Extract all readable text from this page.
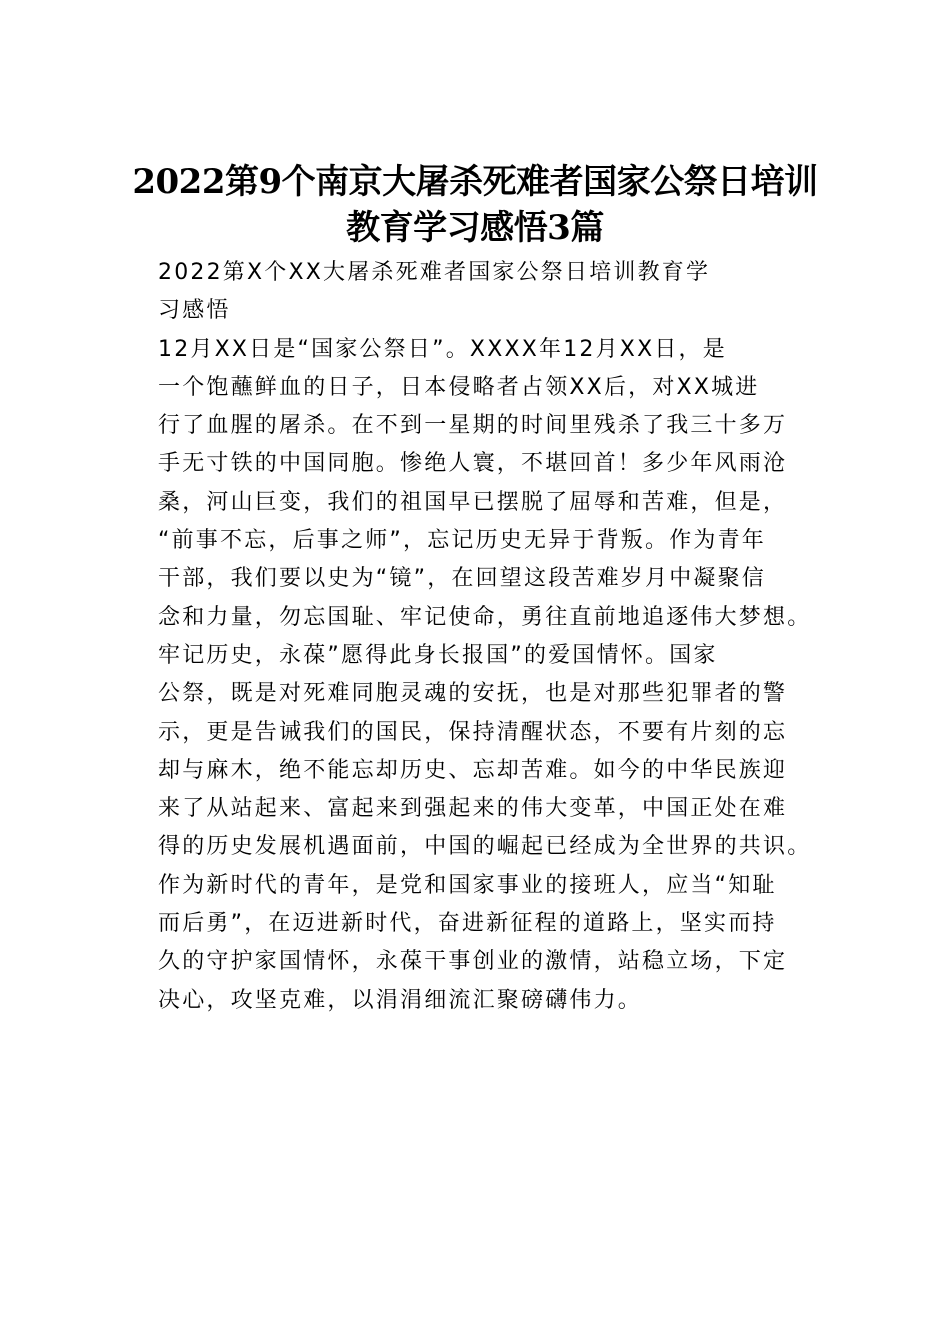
2022第9个南京大屠杀死难者国家公祭日培训
教育学习感悟3篇
2022第X个XX大屠杀死难者国家公祭日培训教育学
习感悟
12月XX日是“国家公祭日”。XXXX年12月XX日，是
一个饱蘸鲜血的日子，日本侵略者占领XX后，对XX城进
行了血腥的屠杀。在不到一星期的时间里残杀了我三十多万
手无寸铁的中国同胞。惨绝人寰，不堪回首！多少年风雨沧
桑，河山巨变，我们的祖国早已摆脱了屈辱和苦难，但是，
“前事不忘，后事之师”，忘记历史无异于背叛。作为青年
干部，我们要以史为“镜”，在回望这段苦难岁月中凝聚信
念和力量，勿忘国耻、牢记使命，勇往直前地追逐伟大梦想。
牢记历史，永葆”愿得此身长报国”的爱国情怀。国家
公祭，既是对死难同胞灵魂的安抚，也是对那些犯罪者的警
示，更是告诫我们的国民，保持清醒状态，不要有片刻的忘
却与麻木，绝不能忘却历史、忘却苦难。如今的中华民族迎
来了从站起来、富起来到强起来的伟大变革，中国正处在难
得的历史发展机遇面前，中国的崛起已经成为全世界的共识。
作为新时代的青年，是党和国家事业的接班人，应当“知耻
而后勇”，在迈进新时代，奋进新征程的道路上，坚实而持
久的守护家国情怀，永葆干事创业的激情，站稳立场，下定
决心，攻坚克难，以涓涓细流汇聚磅礴伟力。
